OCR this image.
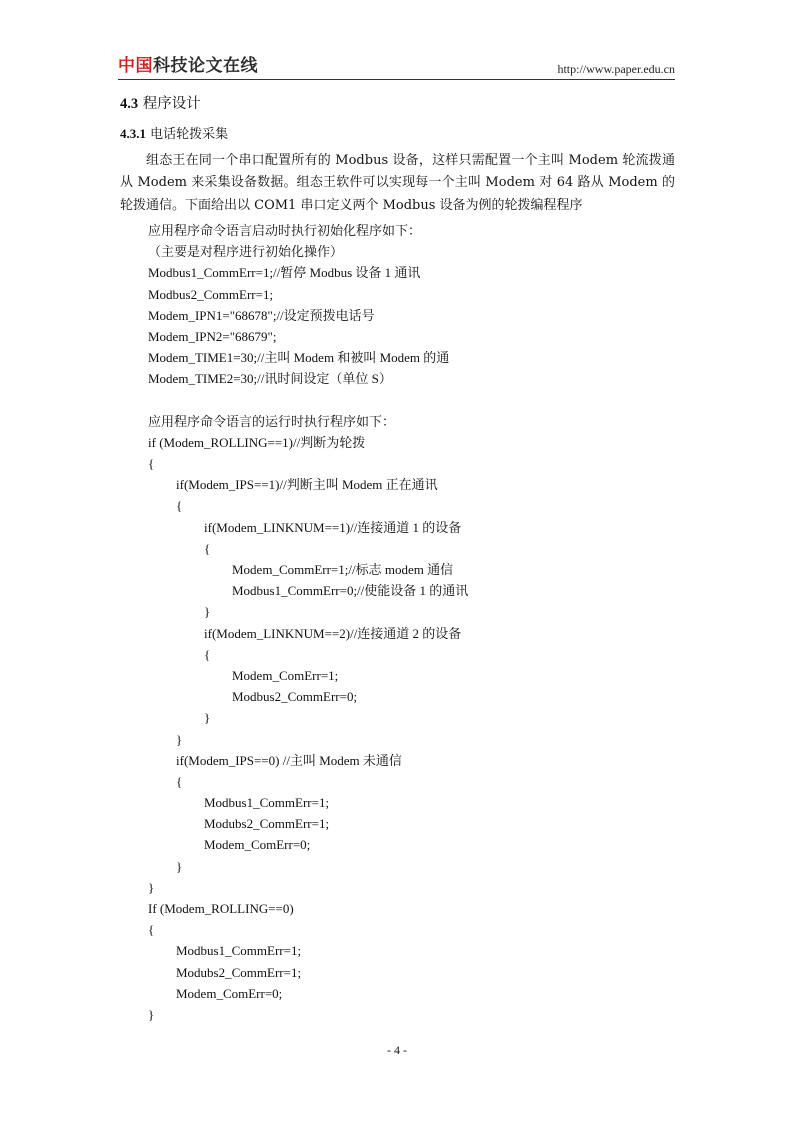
中国科技论文在线	http://www.paper.edu.cn
4.3 程序设计
4.3.1 电话轮拨采集

组态王在同一个串口配置所有的 Modbus 设备，这样只需配置一个主叫 Modem 轮流拨通从 Modem 来采集设备数据。组态王软件可以实现每一个主叫 Modem 对 64 路从 Modem 的轮拨通信。下面给出以 COM1 串口定义两个 Modbus 设备为例的轮拨编程程序

应用程序命令语言启动时执行初始化程序如下：
（主要是对程序进行初始化操作）
Modbus1_CommErr=1;//暂停 Modbus 设备 1 通讯
Modbus2_CommErr=1;
Modem_IPN1="68678";//设定预拨电话号
Modem_IPN2="68679";
Modem_TIME1=30;//主叫 Modem 和被叫 Modem 的通
Modem_TIME2=30;//讯时间设定（单位 S）
应用程序命令语言的运行时执行程序如下：
if (Modem_ROLLING==1)//判断为轮拨
{
if(Modem_IPS==1)//判断主叫 Modem 正在通讯
{
if(Modem_LINKNUM==1)//连接通道 1 的设备
{
Modem_CommErr=1;//标志 modem 通信
Modbus1_CommErr=0;//使能设备 1 的通讯
}
if(Modem_LINKNUM==2)//连接通道 2 的设备
{
Modem_ComErr=1;
Modbus2_CommErr=0;
}
}
if(Modem_IPS==0) //主叫 Modem 未通信
{
Modbus1_CommErr=1;
Modubs2_CommErr=1;
Modem_ComErr=0;
}
}
If (Modem_ROLLING==0)
{
Modbus1_CommErr=1;
Modubs2_CommErr=1;
Modem_ComErr=0;
}
- 4 -
